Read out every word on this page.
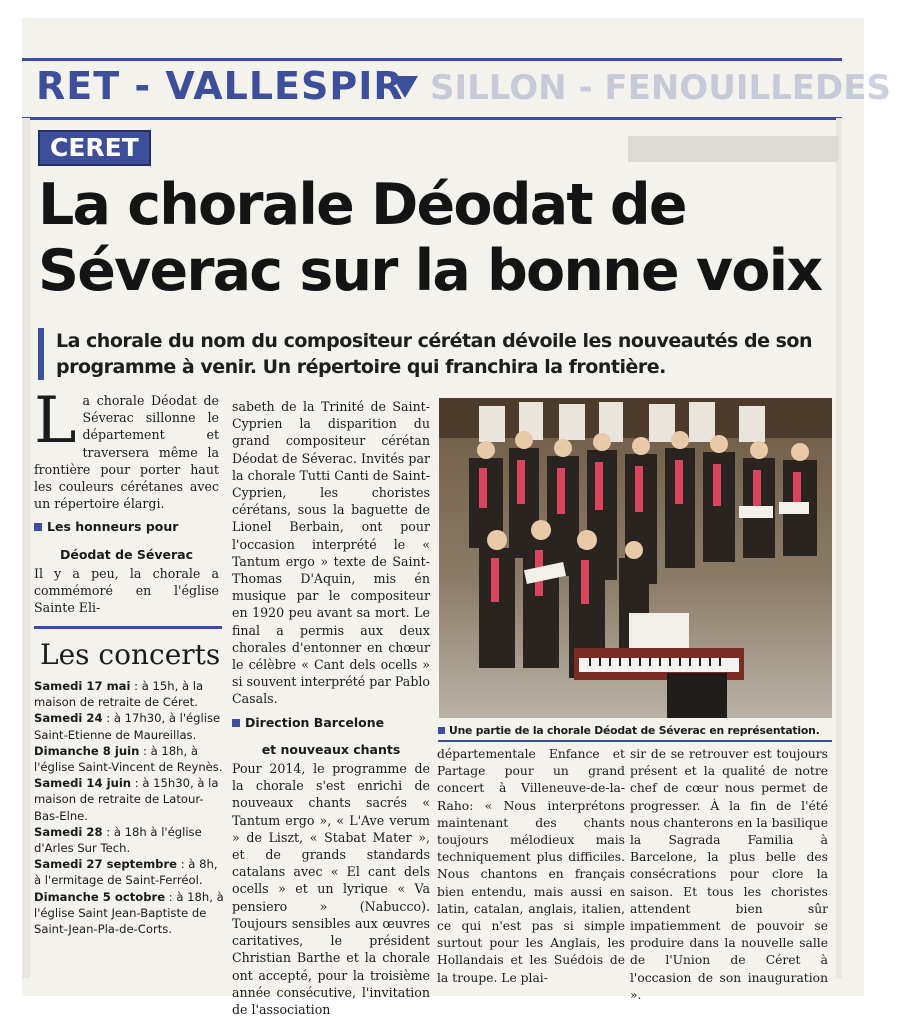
RET - VALLESPIR SILLON - FENOUILLEDES
CERET
La chorale Déodat de Séverac sur la bonne voix

La chorale du nom du compositeur cérétan dévoile les nouveautés de son programme à venir. Un répertoire qui franchira la frontière.

L a chorale Déodat de Séverac sillonne le département et traversera même la frontière pour porter haut les couleurs cérétanes avec un répertoire élargi.
Les honneurs pour
Déodat de Séverac
Il y a peu, la chorale a commémoré en l'église Sainte Eli-
Les concerts
Samedi 17 mai : à 15h, à la maison de retraite de Céret.
Samedi 24 : à 17h30, à l'église Saint-Etienne de Maureillas.
Dimanche 8 juin : à 18h, à l'église Saint-Vincent de Reynès.
Samedi 14 juin : à 15h30, à la maison de retraite de Latour-Bas-Elne.
Samedi 28 : à 18h à l'église d'Arles Sur Tech.
Samedi 27 septembre : à 8h, à l'ermitage de Saint-Ferréol.
Dimanche 5 octobre : à 18h, à l'église Saint Jean-Baptiste de Saint-Jean-Pla-de-Corts.
sabeth de la Trinité de Saint-Cyprien la disparition du grand compositeur cérétan Déodat de Séverac. Invités par la chorale Tutti Canti de Saint-Cyprien, les choristes cérétans, sous la baguette de Lionel Berbain, ont pour l'occasion interprété le « Tantum ergo » texte de Saint-Thomas D'Aquin, mis én musique par le compositeur en 1920 peu avant sa mort. Le final a permis aux deux chorales d'entonner en chœur le célèbre « Cant dels ocells » si souvent interprété par Pablo Casals.
Direction Barcelone
et nouveaux chants
Pour 2014, le programme de la chorale s'est enrichi de nouveaux chants sacrés « Tantum ergo », « L'Ave verum » de Liszt, « Stabat Mater », et de grands standards catalans avec « El cant dels ocells » et un lyrique « Va pensiero » (Nabucco). Toujours sensibles aux œuvres caritatives, le président Christian Barthe et la chorale ont accepté, pour la troisième année consécutive, l'invitation de l'association
Une partie de la chorale Déodat de Séverac en représentation.

départementale Enfance et Partage pour un grand concert à Villeneuve-de-la-Raho: « Nous interprétons maintenant des chants toujours mélodieux mais techniquement plus difficiles. Nous chantons en français bien entendu, mais aussi en latin, catalan, anglais, italien, ce qui n'est pas si simple surtout pour les Anglais, les Hollandais et les Suédois de la troupe. Le plai-

sir de se retrouver est toujours présent et la qualité de notre chef de cœur nous permet de progresser. À la fin de l'été nous chanterons en la basilique la Sagrada Familia à Barcelone, la plus belle des consécrations pour clore la saison. Et tous les choristes attendent bien sûr impatiemment de pouvoir se produire dans la nouvelle salle de l'Union de Céret à l'occasion de son inauguration ».
